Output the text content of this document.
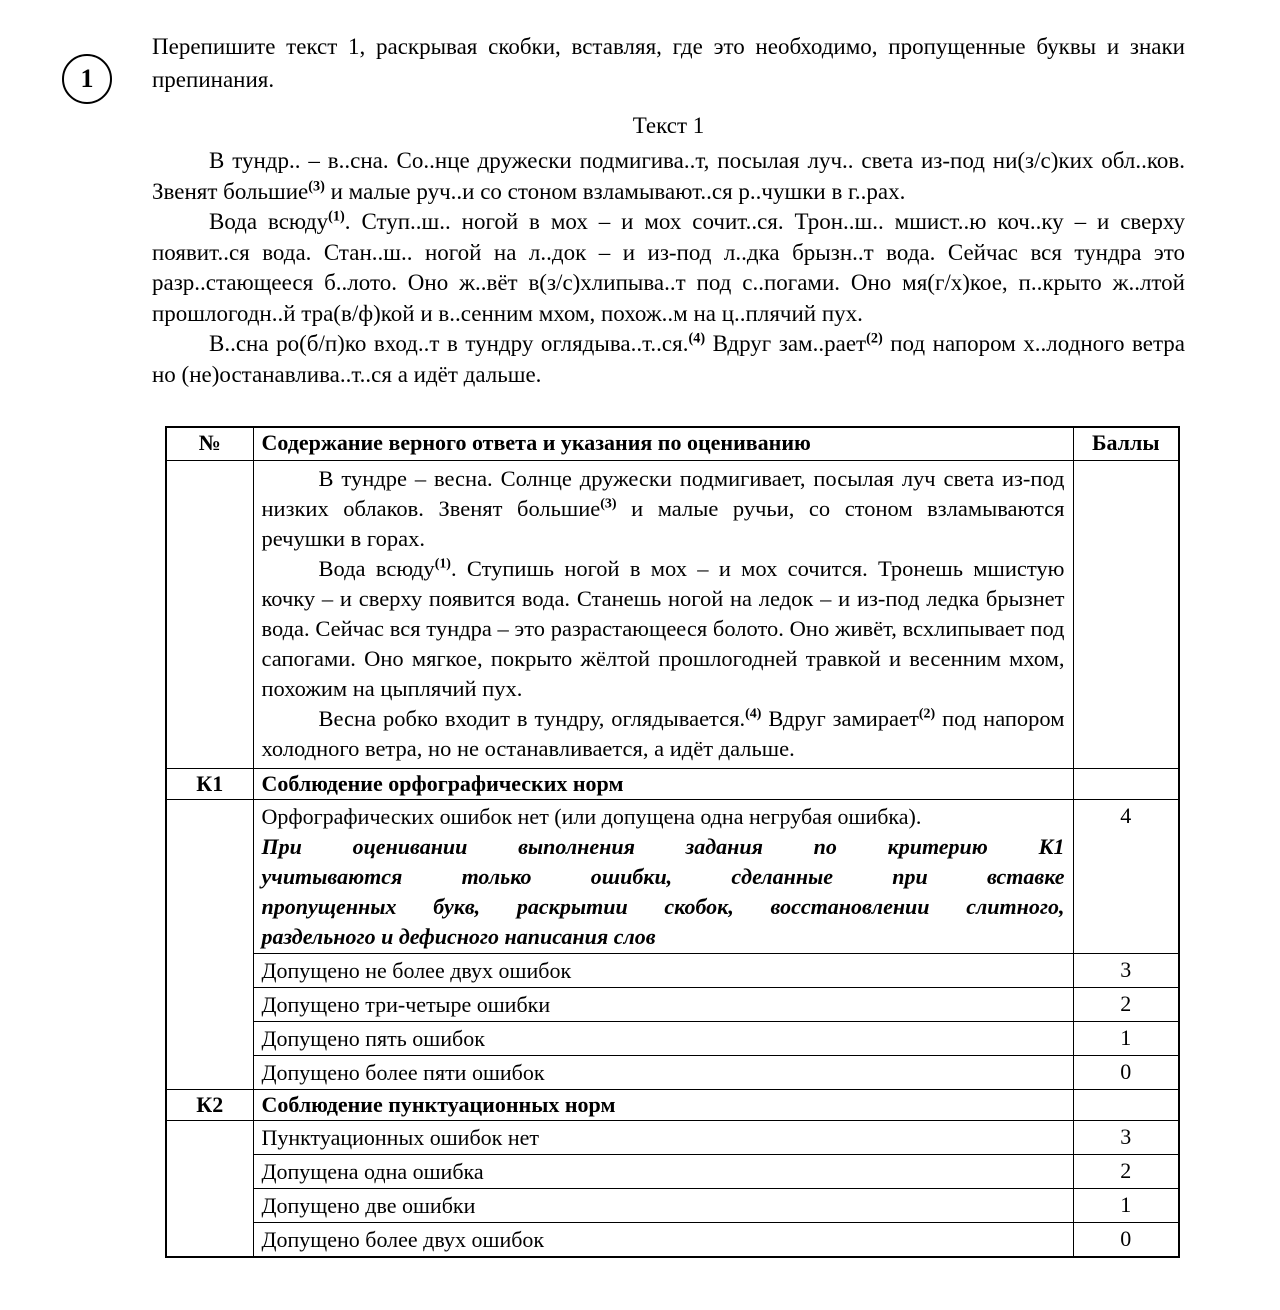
1
Перепишите текст 1, раскрывая скобки, вставляя, где это необходимо, пропущенные буквы и знаки препинания.
Текст 1

В тундр.. – в..сна. Со..нце дружески подмигива..т, посылая луч.. света из-под ни(з/с)ких обл..ков. Звенят большие$^{(3)}$ и малые руч..и со стоном взламывают..ся р..чушки в г..рах.

Вода всюду$^{(1)}$. Ступ..ш.. ногой в мох – и мох сочит..ся. Трон..ш.. мшист..ю коч..ку – и сверху появит..ся вода. Стан..ш.. ногой на л..док – и из-под л..дка брызн..т вода. Сейчас вся тундра это разр..стающееся б..лото. Оно ж..вёт в(з/с)хлипыва..т под с..погами. Оно мя(г/х)кое, п..крыто ж..лтой прошлогодн..й тра(в/ф)кой и в..сенним мхом, похож..м на ц..плячий пух.

В..сна ро(б/п)ко вход..т в тундру оглядыва..т..ся.$^{(4)}$ Вдруг зам..рает$^{(2)}$ под напором х..лодного ветра но (не)останавлива..т..ся а идёт дальше.

№	Содержание верного ответа и указания по оцениванию	Баллы

	В тундре – весна. Солнце дружески подмигивает, посылая луч света из-под низких облаков. Звенят большие$^{(3)}$ и малые ручьи, со стоном взламываются речушки в горах.

Вода всюду$^{(1)}$. Ступишь ногой в мох – и мох сочится. Тронешь мшистую кочку – и сверху появится вода. Станешь ногой на ледок – и из-под ледка брызнет вода. Сейчас вся тундра – это разрастающееся болото. Оно живёт, всхлипывает под сапогами. Оно мягкое, покрыто жёлтой прошлогодней травкой и весенним мхом, похожим на цыплячий пух.

Весна робко входит в тундру, оглядывается.$^{(4)}$ Вдруг замирает$^{(2)}$ под напором холодного ветра, но не останавливается, а идёт дальше.	

К1	Соблюдение орфографических норм	

	Орфографических ошибок нет (или допущена одна негрубая ошибка).
При оценивании выполнения задания по критерию К1
учитываются только ошибки, сделанные при вставке
пропущенных букв, раскрытии скобок, восстановлении слитного,
раздельного и дефисного написания слов	4
	Допущено не более двух ошибок	3
	Допущено три-четыре ошибки	2
	Допущено пять ошибок	1
	Допущено более пяти ошибок	0
К2	Соблюдение пунктуационных норм	
	Пунктуационных ошибок нет	3
	Допущена одна ошибка	2
	Допущено две ошибки	1
	Допущено более двух ошибок	0
